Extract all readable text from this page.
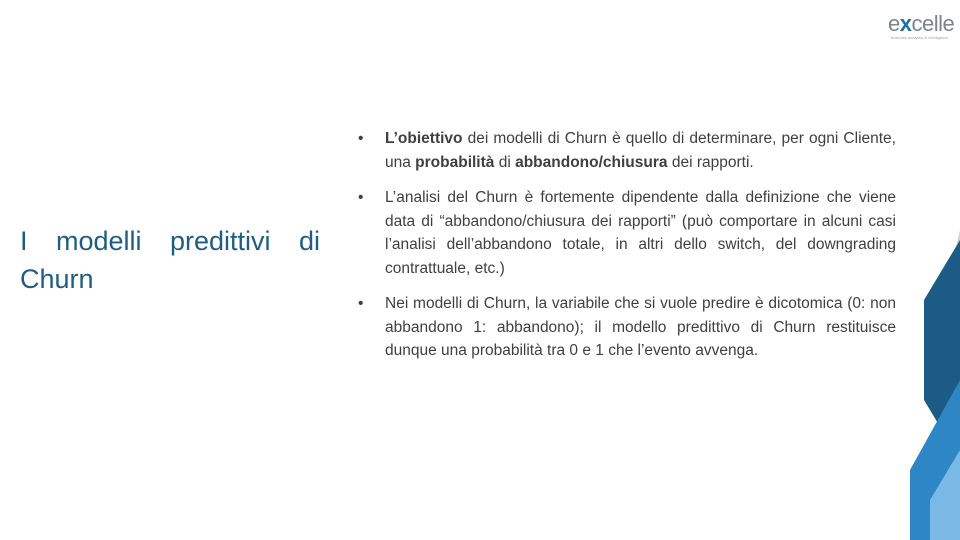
excelle
business analytics & intelligence
I modelli predittivi di Churn
• L’obiettivo dei modelli di Churn è quello di determinare, per ogni Cliente, una probabilità di abbandono/chiusura dei rapporti.
• L’analisi del Churn è fortemente dipendente dalla definizione che viene data di “abbandono/chiusura dei rapporti” (può comportare in alcuni casi l’analisi dell’abbandono totale, in altri dello switch, del downgrading contrattuale, etc.)
• Nei modelli di Churn, la variabile che si vuole predire è dicotomica (0: non abbandono 1: abbandono); il modello predittivo di Churn restituisce dunque una probabilità tra 0 e 1 che l’evento avvenga.
